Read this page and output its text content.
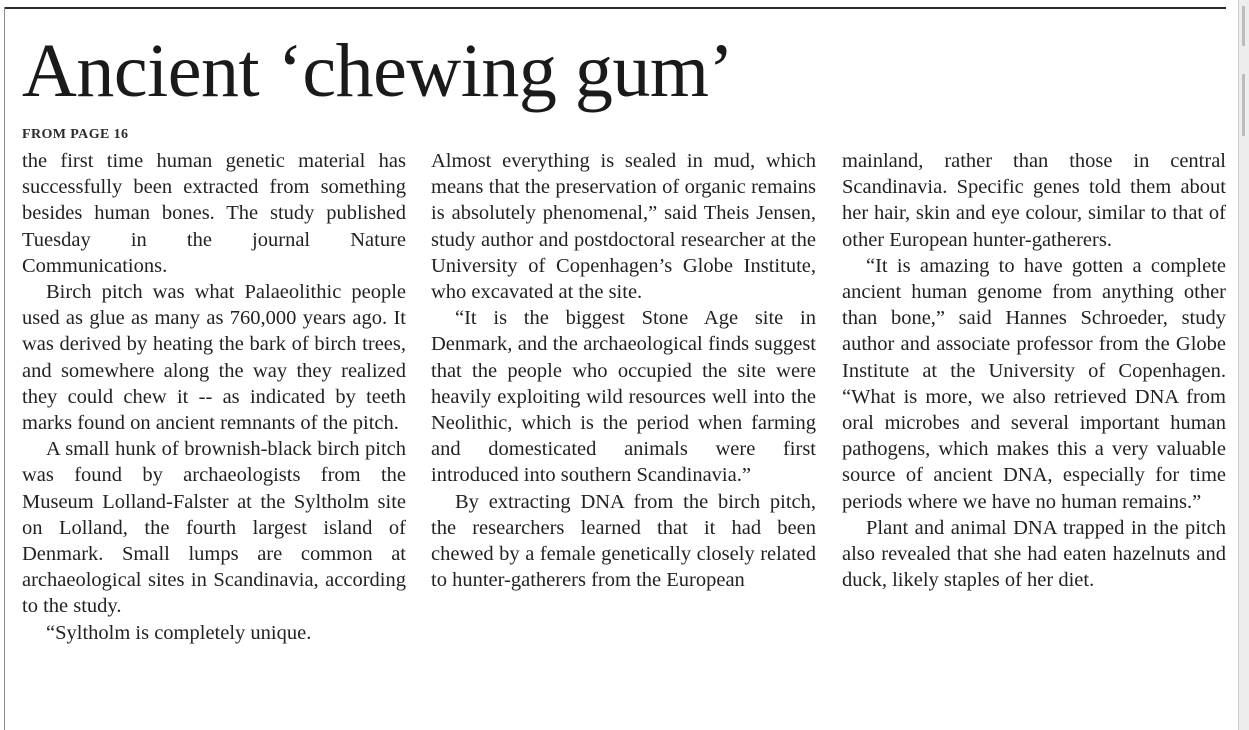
Ancient ‘chewing gum’
FROM PAGE 16

the first time human genetic material has successfully been extracted from something besides human bones. The study published Tuesday in the journal Nature Communications.

Birch pitch was what Palaeolithic people used as glue as many as 760,000 years ago. It was derived by heating the bark of birch trees, and somewhere along the way they realized they could chew it -- as indicated by teeth marks found on ancient remnants of the pitch.

A small hunk of brownish-black birch pitch was found by archaeologists from the Museum Lolland-Falster at the Syltholm site on Lolland, the fourth largest island of Denmark. Small lumps are common at archaeological sites in Scandinavia, according to the study.

“Syltholm is completely unique.

Almost everything is sealed in mud, which means that the preservation of organic remains is absolutely phenomenal,” said Theis Jensen, study author and postdoctoral researcher at the University of Copenhagen’s Globe Institute, who excavated at the site.

“It is the biggest Stone Age site in Denmark, and the archaeological finds suggest that the people who occupied the site were heavily exploiting wild resources well into the Neolithic, which is the period when farming and domesticated animals were first introduced into southern Scandinavia.”

By extracting DNA from the birch pitch, the researchers learned that it had been chewed by a female genetically closely related to hunter-gatherers from the European

mainland, rather than those in central Scandinavia. Specific genes told them about her hair, skin and eye colour, similar to that of other European hunter-gatherers.

“It is amazing to have gotten a complete ancient human genome from anything other than bone,” said Hannes Schroeder, study author and associate professor from the Globe Institute at the University of Copenhagen. “What is more, we also retrieved DNA from oral microbes and several important human pathogens, which makes this a very valuable source of ancient DNA, especially for time periods where we have no human remains.”

Plant and animal DNA trapped in the pitch also revealed that she had eaten hazelnuts and duck, likely staples of her diet.
